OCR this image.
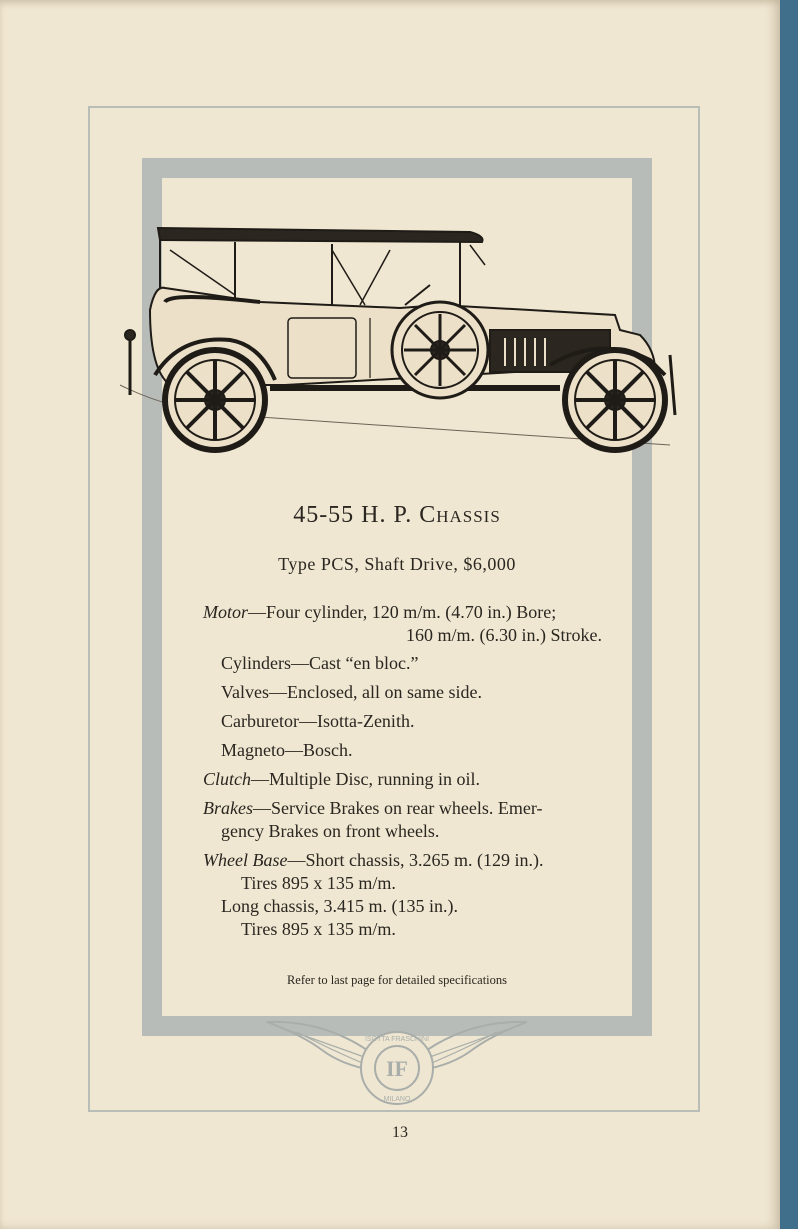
45-55 H. P. Chassis
Type PCS, Shaft Drive, $6,000
Motor—Four cylinder, 120 m/m. (4.70 in.) Bore;
160 m/m. (6.30 in.) Stroke.
Cylinders—Cast “en bloc.”
Valves—Enclosed, all on same side.
Carburetor—Isotta-Zenith.
Magneto—Bosch.
Clutch—Multiple Disc, running in oil.
Brakes—Service Brakes on rear wheels. Emer-
gency Brakes on front wheels.
Wheel Base—Short chassis, 3.265 m. (129 in.).
Tires 895 x 135 m/m.
Long chassis, 3.415 m. (135 in.).
Tires 895 x 135 m/m.
Refer to last page for detailed specifications
IF
ISOTTA FRASCHINI
MILANO
13
